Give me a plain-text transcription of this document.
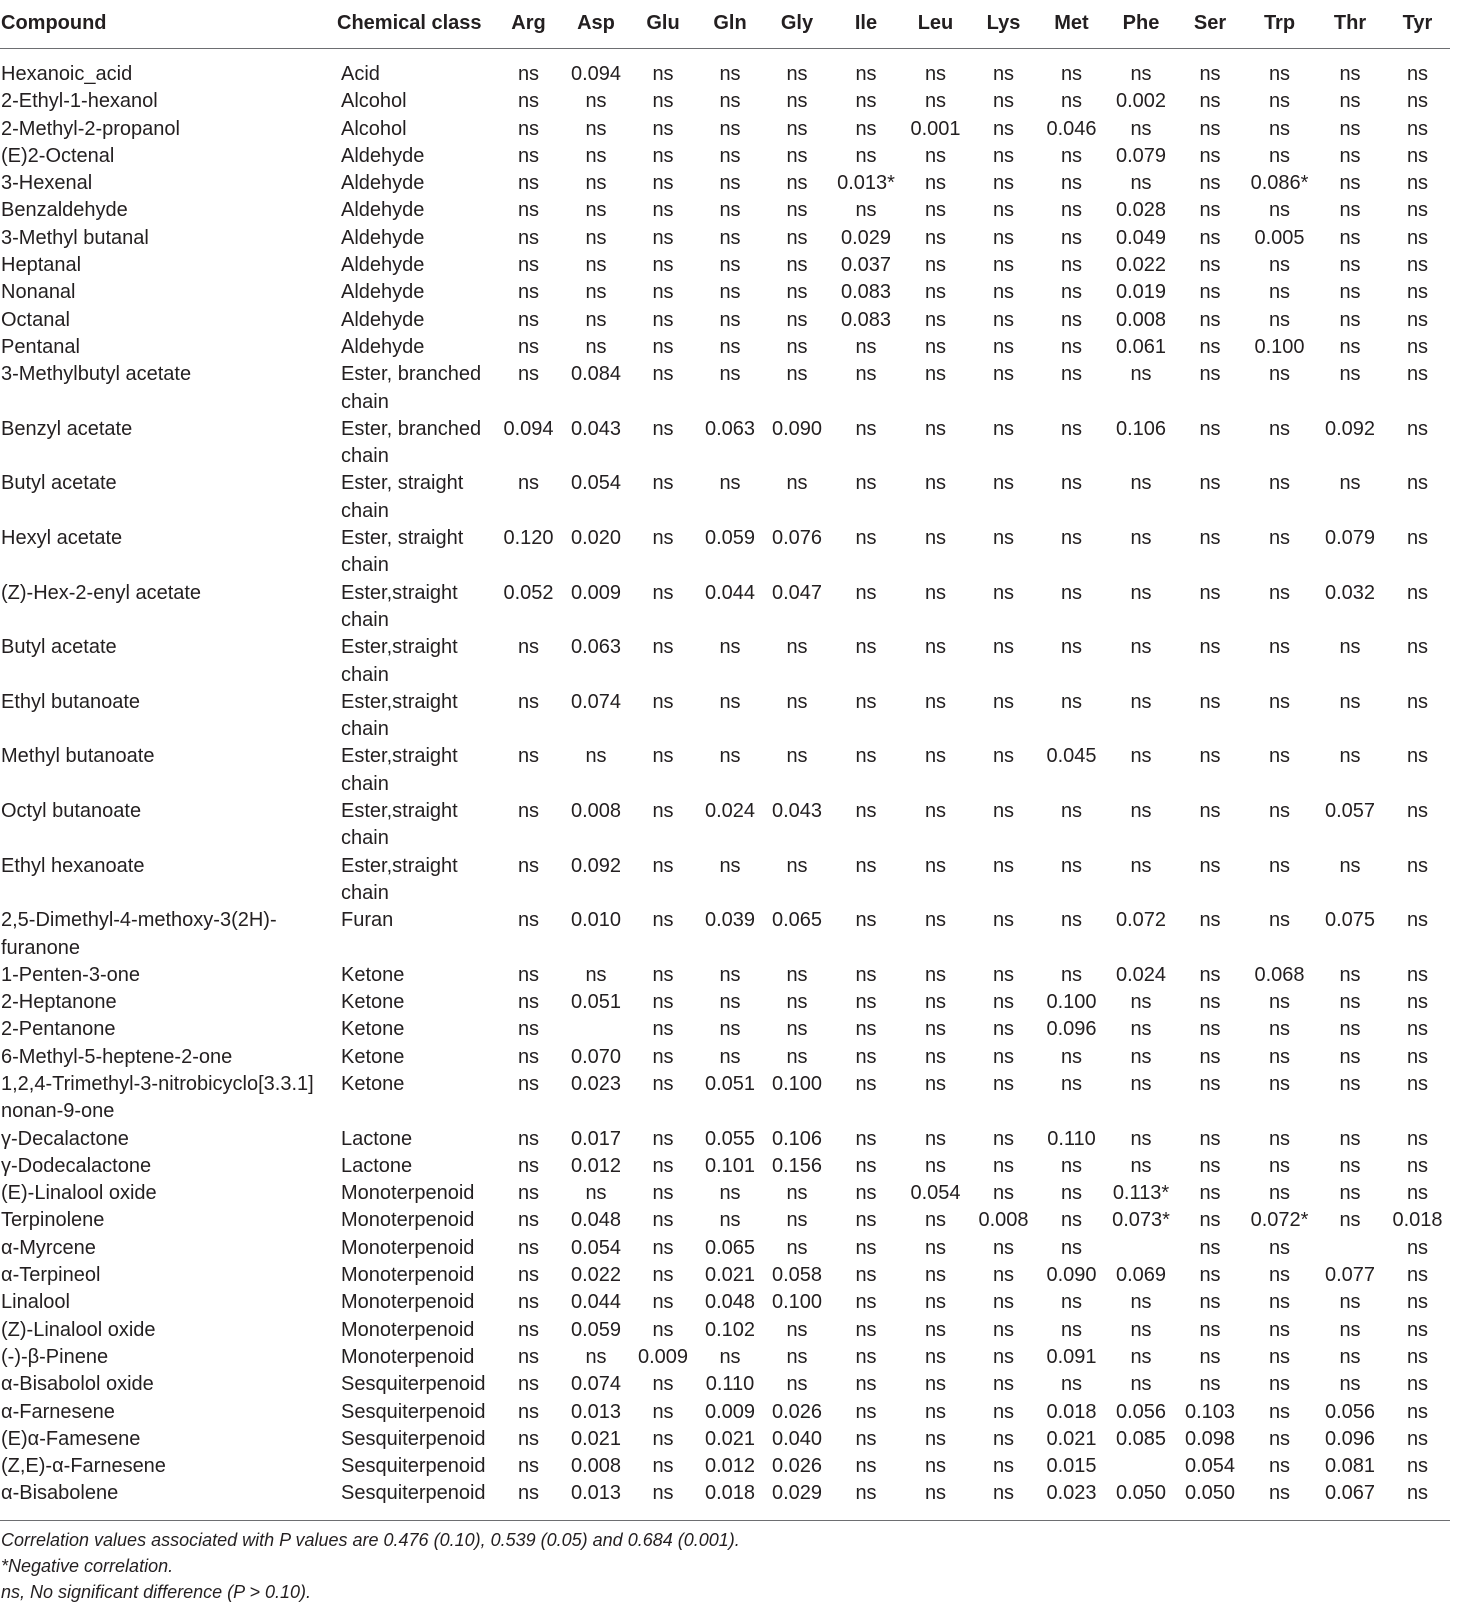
Compound	Chemical class	Arg	Asp	Glu	Gln	Gly	Ile	Leu	Lys	Met	Phe	Ser	Trp	Thr	Tyr
Hexanoic_acid	Acid	ns	0.094	ns	ns	ns	ns	ns	ns	ns	ns	ns	ns	ns	ns
2-Ethyl-1-hexanol	Alcohol	ns	ns	ns	ns	ns	ns	ns	ns	ns	0.002	ns	ns	ns	ns
2-Methyl-2-propanol	Alcohol	ns	ns	ns	ns	ns	ns	0.001	ns	0.046	ns	ns	ns	ns	ns
(E)2-Octenal	Aldehyde	ns	ns	ns	ns	ns	ns	ns	ns	ns	0.079	ns	ns	ns	ns
3-Hexenal	Aldehyde	ns	ns	ns	ns	ns	0.013*	ns	ns	ns	ns	ns	0.086*	ns	ns
Benzaldehyde	Aldehyde	ns	ns	ns	ns	ns	ns	ns	ns	ns	0.028	ns	ns	ns	ns
3-Methyl butanal	Aldehyde	ns	ns	ns	ns	ns	0.029	ns	ns	ns	0.049	ns	0.005	ns	ns
Heptanal	Aldehyde	ns	ns	ns	ns	ns	0.037	ns	ns	ns	0.022	ns	ns	ns	ns
Nonanal	Aldehyde	ns	ns	ns	ns	ns	0.083	ns	ns	ns	0.019	ns	ns	ns	ns
Octanal	Aldehyde	ns	ns	ns	ns	ns	0.083	ns	ns	ns	0.008	ns	ns	ns	ns
Pentanal	Aldehyde	ns	ns	ns	ns	ns	ns	ns	ns	ns	0.061	ns	0.100	ns	ns
3-Methylbutyl acetate	Ester, branched chain	ns	0.084	ns	ns	ns	ns	ns	ns	ns	ns	ns	ns	ns	ns
Benzyl acetate	Ester, branched chain	0.094	0.043	ns	0.063	0.090	ns	ns	ns	ns	0.106	ns	ns	0.092	ns
Butyl acetate	Ester, straight chain	ns	0.054	ns	ns	ns	ns	ns	ns	ns	ns	ns	ns	ns	ns
Hexyl acetate	Ester, straight chain	0.120	0.020	ns	0.059	0.076	ns	ns	ns	ns	ns	ns	ns	0.079	ns
(Z)-Hex-2-enyl acetate	Ester,straight chain	0.052	0.009	ns	0.044	0.047	ns	ns	ns	ns	ns	ns	ns	0.032	ns
Butyl acetate	Ester,straight chain	ns	0.063	ns	ns	ns	ns	ns	ns	ns	ns	ns	ns	ns	ns
Ethyl butanoate	Ester,straight chain	ns	0.074	ns	ns	ns	ns	ns	ns	ns	ns	ns	ns	ns	ns
Methyl butanoate	Ester,straight chain	ns	ns	ns	ns	ns	ns	ns	ns	0.045	ns	ns	ns	ns	ns
Octyl butanoate	Ester,straight chain	ns	0.008	ns	0.024	0.043	ns	ns	ns	ns	ns	ns	ns	0.057	ns
Ethyl hexanoate	Ester,straight chain	ns	0.092	ns	ns	ns	ns	ns	ns	ns	ns	ns	ns	ns	ns
2,5-Dimethyl-4-methoxy-3(2H)-furanone	Furan	ns	0.010	ns	0.039	0.065	ns	ns	ns	ns	0.072	ns	ns	0.075	ns
1-Penten-3-one	Ketone	ns	ns	ns	ns	ns	ns	ns	ns	ns	0.024	ns	0.068	ns	ns
2-Heptanone	Ketone	ns	0.051	ns	ns	ns	ns	ns	ns	0.100	ns	ns	ns	ns	ns
2-Pentanone	Ketone	ns		ns	ns	ns	ns	ns	ns	0.096	ns	ns	ns	ns	ns
6-Methyl-5-heptene-2-one	Ketone	ns	0.070	ns	ns	ns	ns	ns	ns	ns	ns	ns	ns	ns	ns
1,2,4-Trimethyl-3-nitrobicyclo[3.3.1] nonan-9-one	Ketone	ns	0.023	ns	0.051	0.100	ns	ns	ns	ns	ns	ns	ns	ns	ns
γ-Decalactone	Lactone	ns	0.017	ns	0.055	0.106	ns	ns	ns	0.110	ns	ns	ns	ns	ns
γ-Dodecalactone	Lactone	ns	0.012	ns	0.101	0.156	ns	ns	ns	ns	ns	ns	ns	ns	ns
(E)-Linalool oxide	Monoterpenoid	ns	ns	ns	ns	ns	ns	0.054	ns	ns	0.113*	ns	ns	ns	ns
Terpinolene	Monoterpenoid	ns	0.048	ns	ns	ns	ns	ns	0.008	ns	0.073*	ns	0.072*	ns	0.018
α-Myrcene	Monoterpenoid	ns	0.054	ns	0.065	ns	ns	ns	ns	ns		ns	ns		ns
α-Terpineol	Monoterpenoid	ns	0.022	ns	0.021	0.058	ns	ns	ns	0.090	0.069	ns	ns	0.077	ns
Linalool	Monoterpenoid	ns	0.044	ns	0.048	0.100	ns	ns	ns	ns	ns	ns	ns	ns	ns
(Z)-Linalool oxide	Monoterpenoid	ns	0.059	ns	0.102	ns	ns	ns	ns	ns	ns	ns	ns	ns	ns
(-)-β-Pinene	Monoterpenoid	ns	ns	0.009	ns	ns	ns	ns	ns	0.091	ns	ns	ns	ns	ns
α-Bisabolol oxide	Sesquiterpenoid	ns	0.074	ns	0.110	ns	ns	ns	ns	ns	ns	ns	ns	ns	ns
α-Farnesene	Sesquiterpenoid	ns	0.013	ns	0.009	0.026	ns	ns	ns	0.018	0.056	0.103	ns	0.056	ns
(E)α-Famesene	Sesquiterpenoid	ns	0.021	ns	0.021	0.040	ns	ns	ns	0.021	0.085	0.098	ns	0.096	ns
(Z,E)-α-Farnesene	Sesquiterpenoid	ns	0.008	ns	0.012	0.026	ns	ns	ns	0.015		0.054	ns	0.081	ns
α-Bisabolene	Sesquiterpenoid	ns	0.013	ns	0.018	0.029	ns	ns	ns	0.023	0.050	0.050	ns	0.067	ns
Correlation values associated with P values are 0.476 (0.10), 0.539 (0.05) and 0.684 (0.001).
*Negative correlation.
ns, No significant difference (P > 0.10).
